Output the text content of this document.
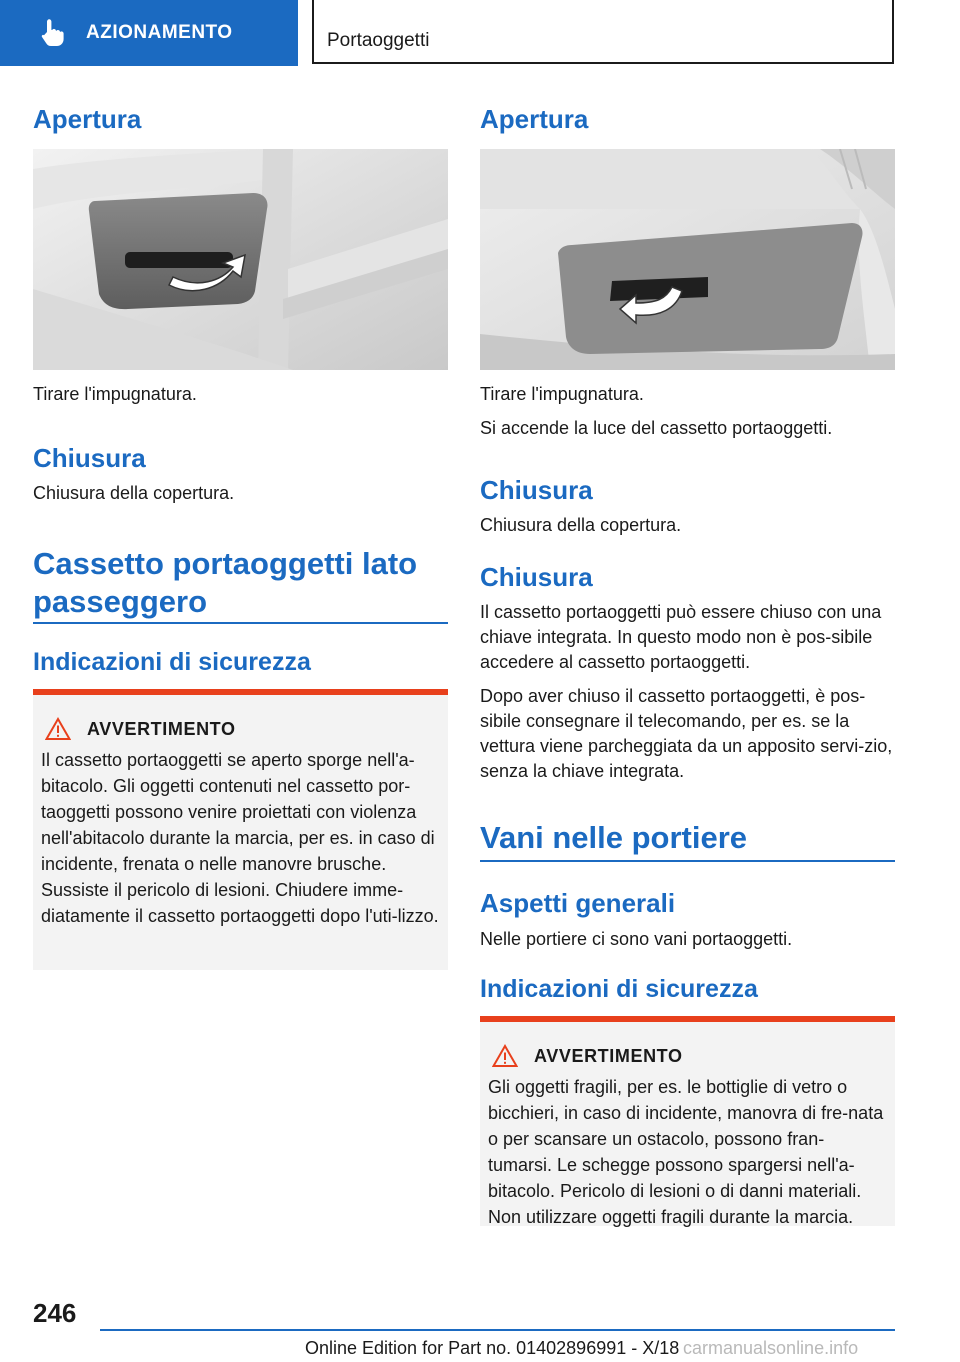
AZIONAMENTO	Portaoggetti
Apertura

Tirare l'impugnatura.

Chiusura

Chiusura della copertura.

Cassetto portaoggetti lato
passeggero
Indicazioni di sicurezza
AVVERTIMENTO
Il cassetto portaoggetti se aperto sporge nell'a-bitacolo. Gli oggetti contenuti nel cassetto por-taoggetti possono venire proiettati con violenza nell'abitacolo durante la marcia, per es. in caso di incidente, frenata o nelle manovre brusche. Sussiste il pericolo di lesioni. Chiudere imme-diatamente il cassetto portaoggetti dopo l'uti-lizzo.
Apertura

Tirare l'impugnatura.

Si accende la luce del cassetto portaoggetti.

Chiusura

Chiusura della copertura.

Chiusura

Il cassetto portaoggetti può essere chiuso con una chiave integrata. In questo modo non è pos-sibile accedere al cassetto portaoggetti.

Dopo aver chiuso il cassetto portaoggetti, è pos-sibile consegnare il telecomando, per es. se la vettura viene parcheggiata da un apposito servi-zio, senza la chiave integrata.

Vani nelle portiere
Aspetti generali

Nelle portiere ci sono vani portaoggetti.

Indicazioni di sicurezza
AVVERTIMENTO
Gli oggetti fragili, per es. le bottiglie di vetro o bicchieri, in caso di incidente, manovra di fre-nata o per scansare un ostacolo, possono fran-tumarsi. Le schegge possono spargersi nell'a-bitacolo. Pericolo di lesioni o di danni materiali. Non utilizzare oggetti fragili durante la marcia.
246
Online Edition for Part no. 01402896991 - X/18 carmanualsonline.info
